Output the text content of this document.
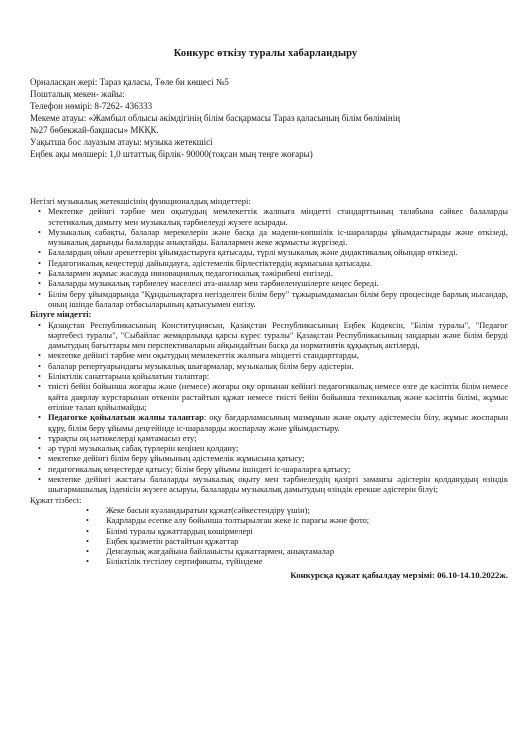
Конкурс өткізу туралы хабарландыру
Орналасқан жері: Тараз қаласы, Төле би көшесі №5
Пошталық мекен- жайы:
Телефон нөмірі: 8-7262- 436333
Мекеме атауы: «Жамбыл облысы әкімдігінің білім басқармасы Тараз қаласының білім бөлімінің
№27 бөбекжай-бақшасы» МКҚК.
Уақытша бос лауазым атауы: музыка жетекшісі
Еңбек ақы мөлшері: 1,0 штаттық бірлік- 90000(тоқсан мың теңге жоғары)

Негізгі музыкалық жетекшісінің функционалдық міндеттері:

• Мектепке дейінгі тәрбие мен оқытудың мемлекеттік жалпыға міндетті стандарттының талабына сәйкес балаларды эстетикалық дамыту мен музыкалық тәрбиелеуді жүзеге асырады.

• Музыкалық сабақты, балалар мерекелерін және басқа да мәдени-көпшілік іс-шараларды ұйымдастырады және өткізеді, музыкалық дарынды балаларды анықтайды. Балалармен жеке жұмысты жүргізеді.

• Балалардың ойын әрекеттерін ұйымдастыруға қатысады, түрлі музыкалық және дидактикалық ойындар өткізеді.

• Педагогикалық кеңестерді дайындауға, әдістемелік бірлестіктердің жұмысына қатысады.

• Балалармен жұмыс жасауда инновациялық педагогикалық тәжірибені енгізеді.

• Балаларды музыкалық тәрбиелеу мәселесі ата-аналар мен тәрбиеленушілерге кеңес береді.

• Білім беру ұйымдарында "Құндылықтарға негізделген білім беру" тұжырымдамасын білім беру процесінде барлық нысандар, оның ішінде балалар отбасыларының қатысуымен енгізу.

Білуге міндетті:

• Қазақстан Республикасының Конституциясын, Қазақстан Республикасының Еңбек Кодексін, "Білім туралы", "Педагог мәртебесі туралы", "Сыбайлас жемқорлыққа қарсы күрес туралы" Қазақстан Республикасының заңдарын және білім беруді дамытудың бағыттары мен перспективаларын айқындайтын басқа да нормативтік құқықтық актілерді,

• мектепке дейінгі тәрбие мен оқытудың мемлекеттік жалпыға міндетті стандарттарды,

• балалар репертуарындағы музыкалық шығармалар, музыкалық білім беру әдістерін.

• Біліктілік санаттарына қойылатын талаптар:

• тиісті бейін бойынша жоғары және (немесе) жоғары оқу орнынан кейінгі педагогикалық немесе өзге де кәсіптік білім немесе қайта даярлау курстарынан өткенін растайтын құжат немесе тиісті бейін бойынша техникалық және кәсіптік білімі, жұмыс өтіліне талап қойылмайды;

• Педагогке қойылатын жалпы талаптар: оқу бағдарламасының мазмұнын және оқыту әдістемесін білу, жұмыс жоспарын құру, білім беру ұйымы деңгейінде іс-шараларды жоспарлау және ұйымдастыру.

• тұрақты оң нәтижелерді қамтамасыз ету;

• әр түрлі музыкалық сабақ түрлерін кеңінен қолдану;

• мектепке дейінгі білім беру ұйымының әдістемелік жұмысына қатысу;

• педагогикалық кеңестерде қатысу; білім беру ұйымы ішіндегі іс-шараларға қатысу;

• мектепке дейінгі жастағы балаларды музыкалық оқыту мен тәрбиелеудің қазіргі заманғы әдістерін қолданудың өзіндік шығармашылық ізденісін жүзеге асыруы, балаларды музыкалық дамытудың өзіндік ерекше әдістерін білуі;

Құжат тізбесі:

• Жеке басын куәландыратын құжат(сәйкестендіру үшін);

• Кадрларды есепке алу бойынша толтырылған жеке іс парағы және фото;

• Білімі туралы құжаттардың көшірмелері

• Еңбек қызметін растайтын құжаттар

• Денсаулық жағдайына байланысты құжаттармен, анықтамалар

• Біліктілік тестілеу сертификаты, түйіндеме

Конкурсқа құжат қабылдау мерзімі: 06.10-14.10.2022ж.
